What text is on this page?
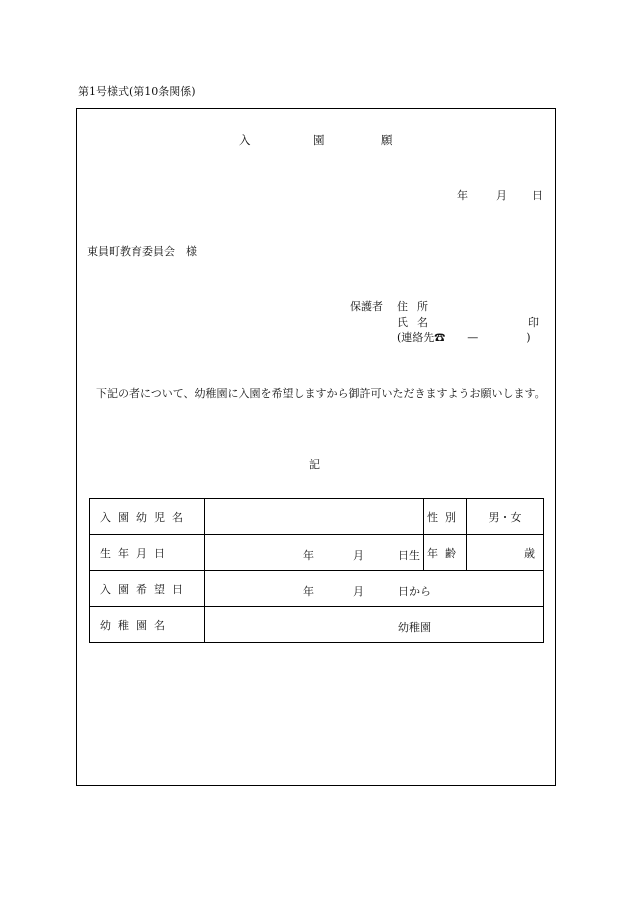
第1号様式(第10条関係)
入	園	願
年	月 日
東員町教育委員会　様
保護者 住所
氏名	印
(連絡先☎ —	)
下記の者について、幼稚園に入園を希望しますから御許可いただきますようお願いします。
記
入園幼児名		性別	男・女
生年月日	年 月 日生	年齢	歳
入園希望日	年 月 日から		

幼稚園名	幼稚園		
